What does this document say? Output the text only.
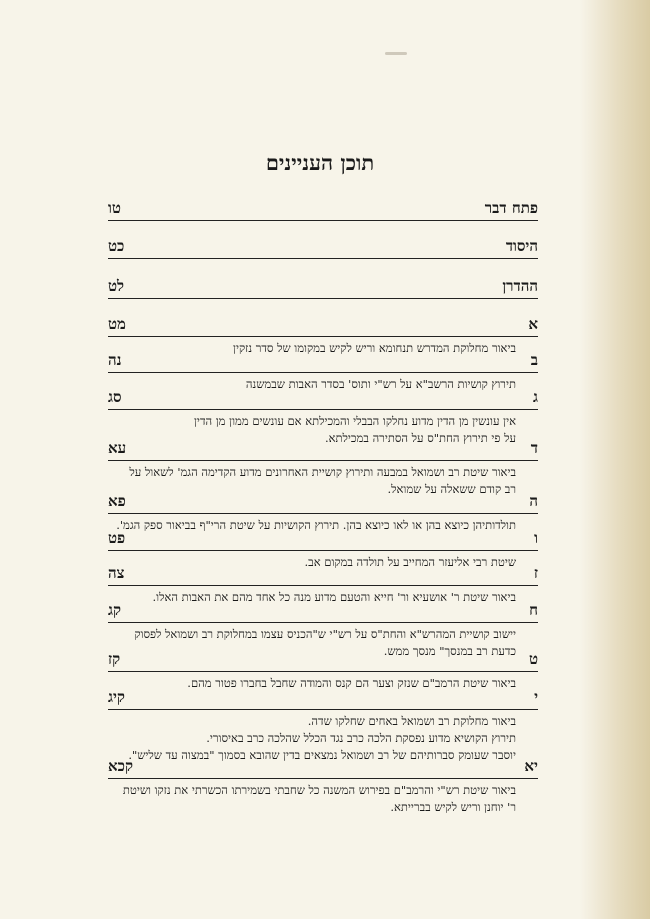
תוכן העניינים
פתח דבר
טו
היסוד
כט
ההדרן
לט
א
מט
ביאור מחלוקת המדרש תנחומא וריש לקיש במקומו של סדר נזקין
ב
נה
תירוץ קושיות הרשב"א על רש"י ותוס' בסדר האבות שבמשנה
ג
סג
אין עונשין מן הדין מדוע נחלקו הבבלי והמכילתא אם עונשים ממון מן הדין
על פי תירוץ החת"ס על הסתירה במכילתא.
ד
עא
ביאור שיטת רב ושמואל במבעה ותירוץ קושיית האחרונים מדוע הקדימה הגמ' לשאול על
רב קודם ששאלה על שמואל.
ה
פא
תולדותיהן כיוצא בהן או לאו כיוצא בהן. תירוץ הקושיות על שיטת הרי"ף בביאור ספק הגמ'.
ו
פט
שיטת רבי אליעזר המחייב על תולדה במקום אב.
ז
צה
ביאור שיטת ר' אושעיא ור' חייא והטעם מדוע מנה כל אחד מהם את האבות האלו.
ח
קג
יישוב קושיית המהרש"א והחת"ס על רש"י ש"הכניס עצמו במחלוקת רב ושמואל לפסוק
כדעת רב במנסך" מנסך ממש. ט
קז
ביאור שיטת הרמב"ם שנזק וצער הם קנס והמודה שחבל בחברו פטור מהם.
י
קיג
ביאור מחלוקת רב ושמואל באחים שחלקו שדה.
תירוץ הקושיא מדוע נפסקת הלכה כרב נגד הכלל שהלכה כרב באיסורי.
יוסבר שעומק סברותיהם של רב ושמואל נמצאים בדין שהובא בסמוך "במצוה עד שליש".
יא
קכא
ביאור שיטת רש"י והרמב"ם בפירוש המשנה כל שחבתי בשמירתו הכשרתי את נזקו ושיטת
ר' יוחנן וריש לקיש בברייתא.
